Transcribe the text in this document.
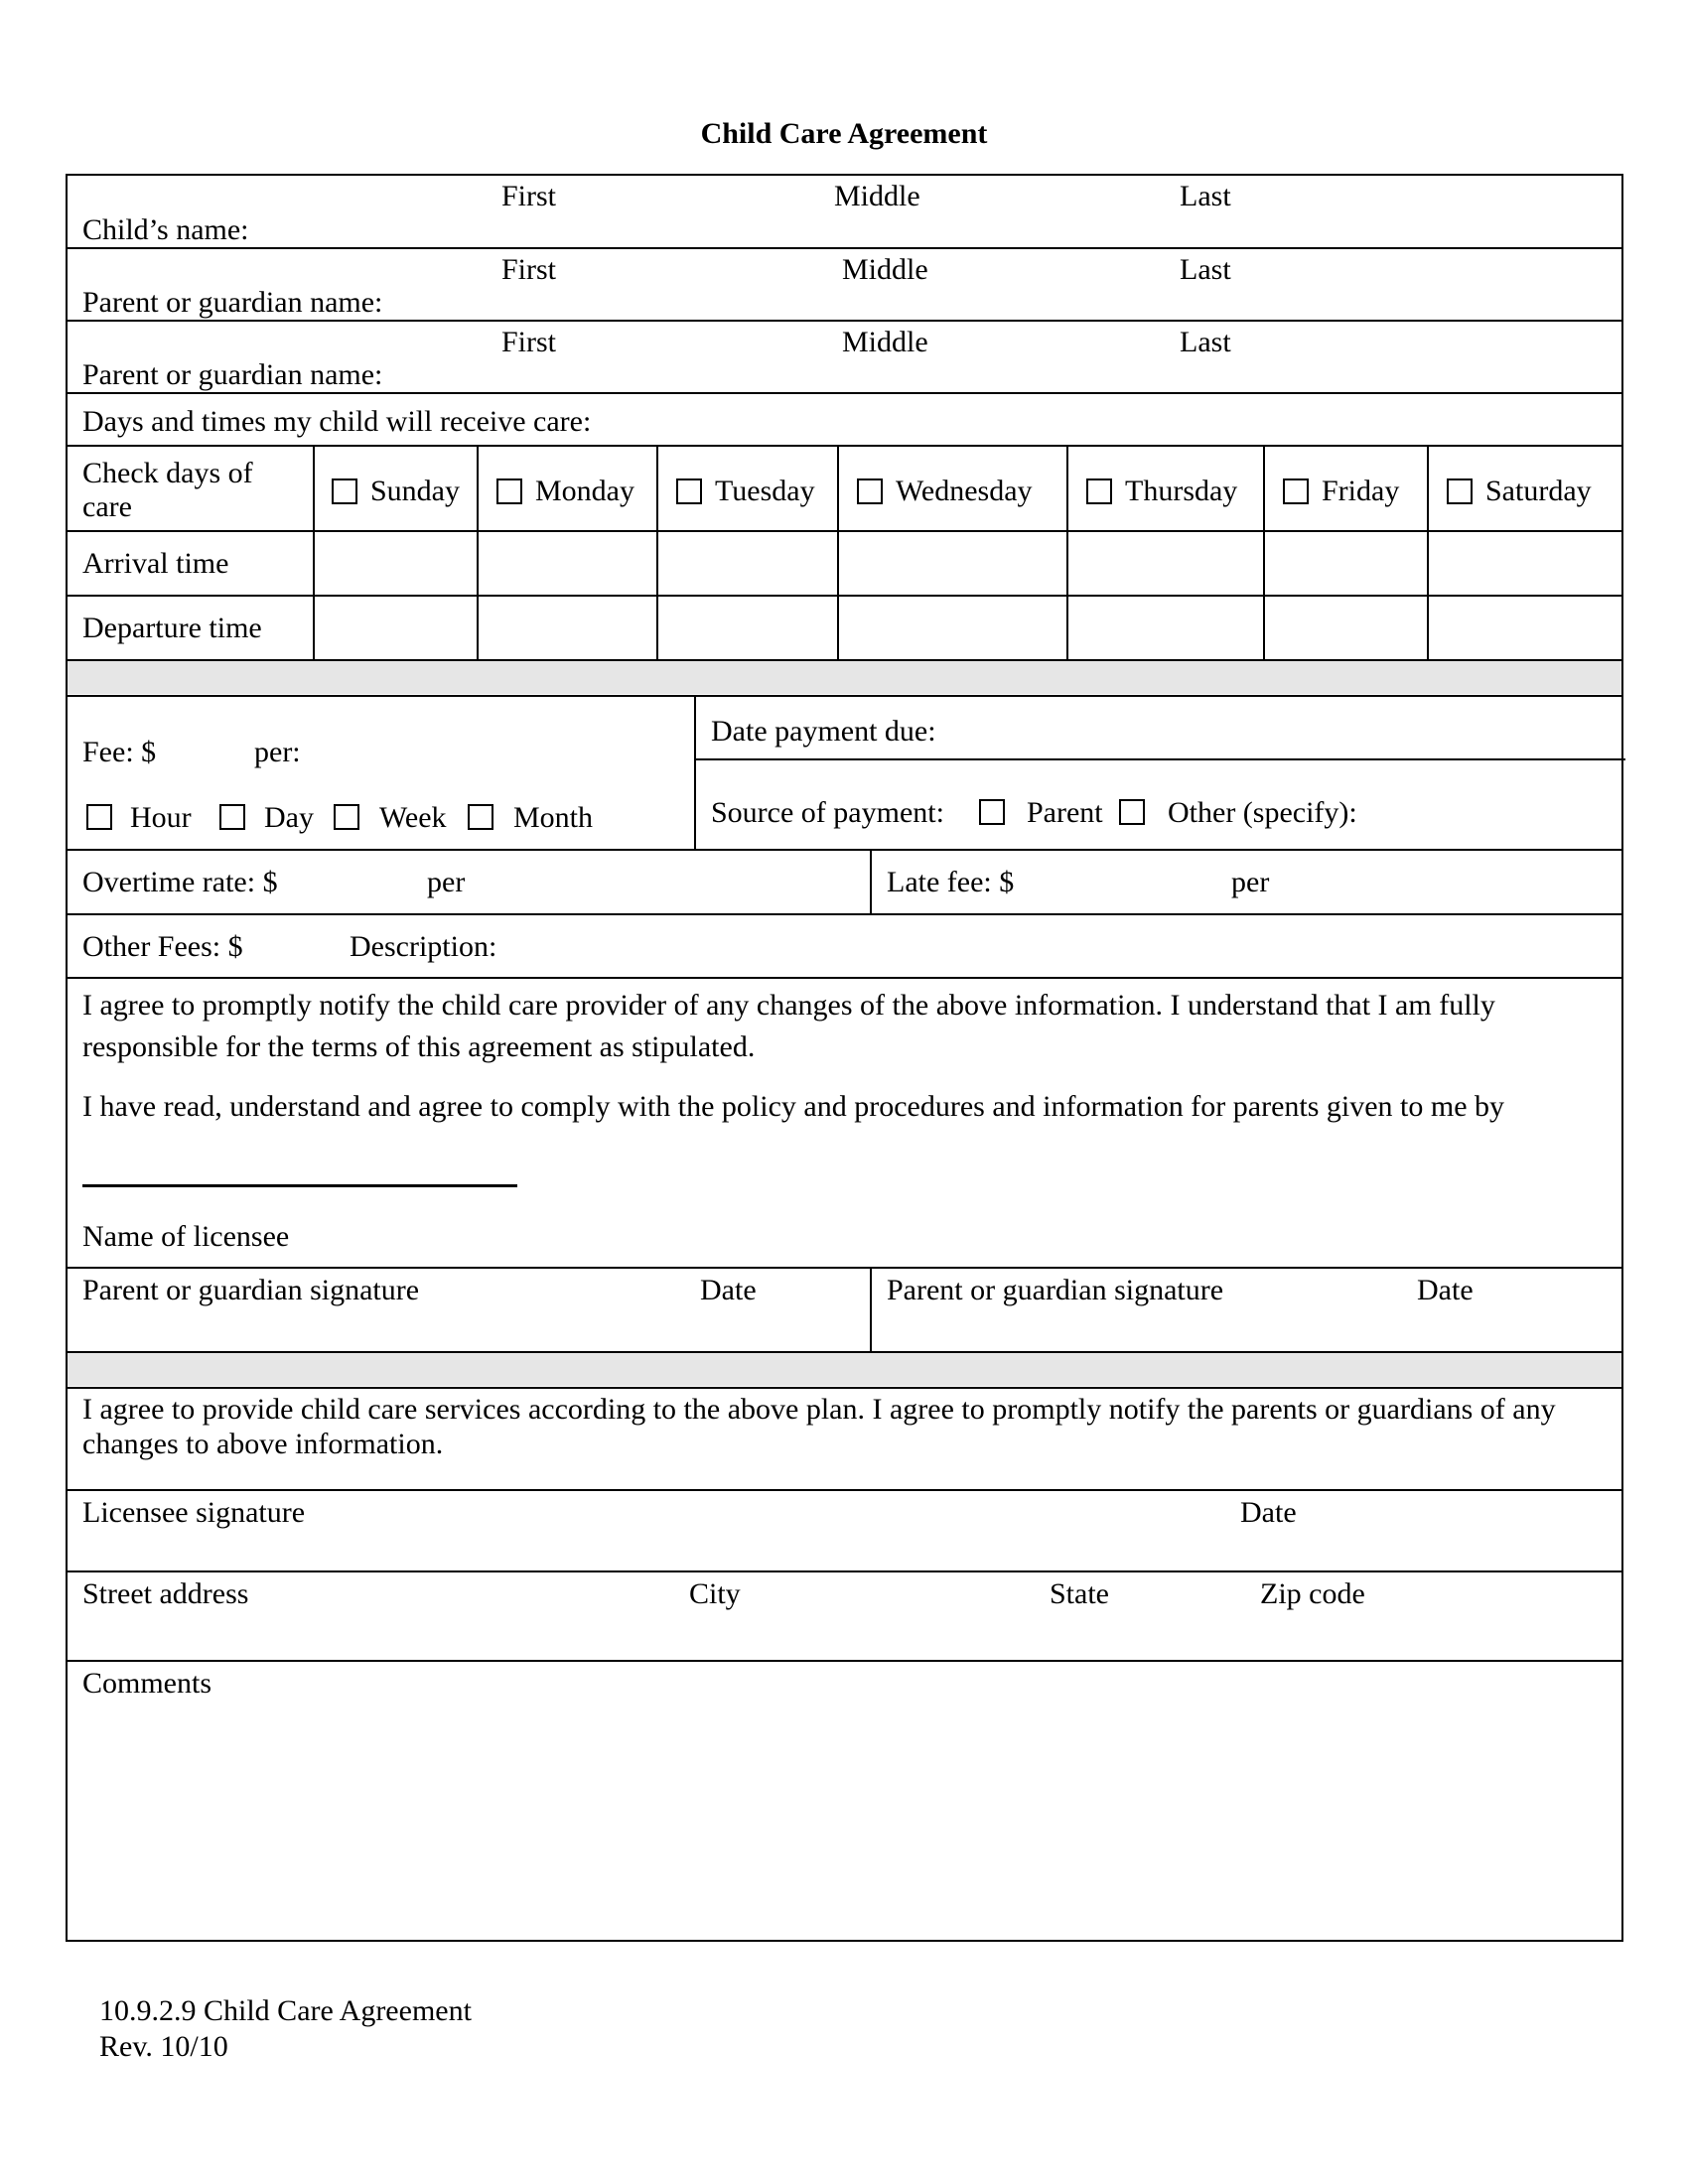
Child Care Agreement
First	Middle	Last
Child’s name:
First	Middle	Last
Parent or guardian name:
First	Middle	Last
Parent or guardian name:
Days and times my child will receive care:
Check days of care	Sunday	Monday	Tuesday	Wednesday	Thursday	Friday	Saturday
Arrival time
Departure time
Fee: $	per:
Hour Day Week Month
Date payment due:
Source of payment:	Parent Other (specify):
Overtime rate: $	per	Late fee: $	per
Other Fees: $	Description:
I agree to promptly notify the child care provider of any changes of the above information. I understand that I am fully responsible for the terms of this agreement as stipulated.
I have read, understand and agree to comply with the policy and procedures and information for parents given to me by
Name of licensee
Parent or guardian signature	Date	Parent or guardian signature	Date
I agree to provide child care services according to the above plan. I agree to promptly notify the parents or guardians of any changes to above information.
Licensee signature	Date
Street address	City	State	Zip code
Comments
10.9.2.9 Child Care Agreement
Rev. 10/10
